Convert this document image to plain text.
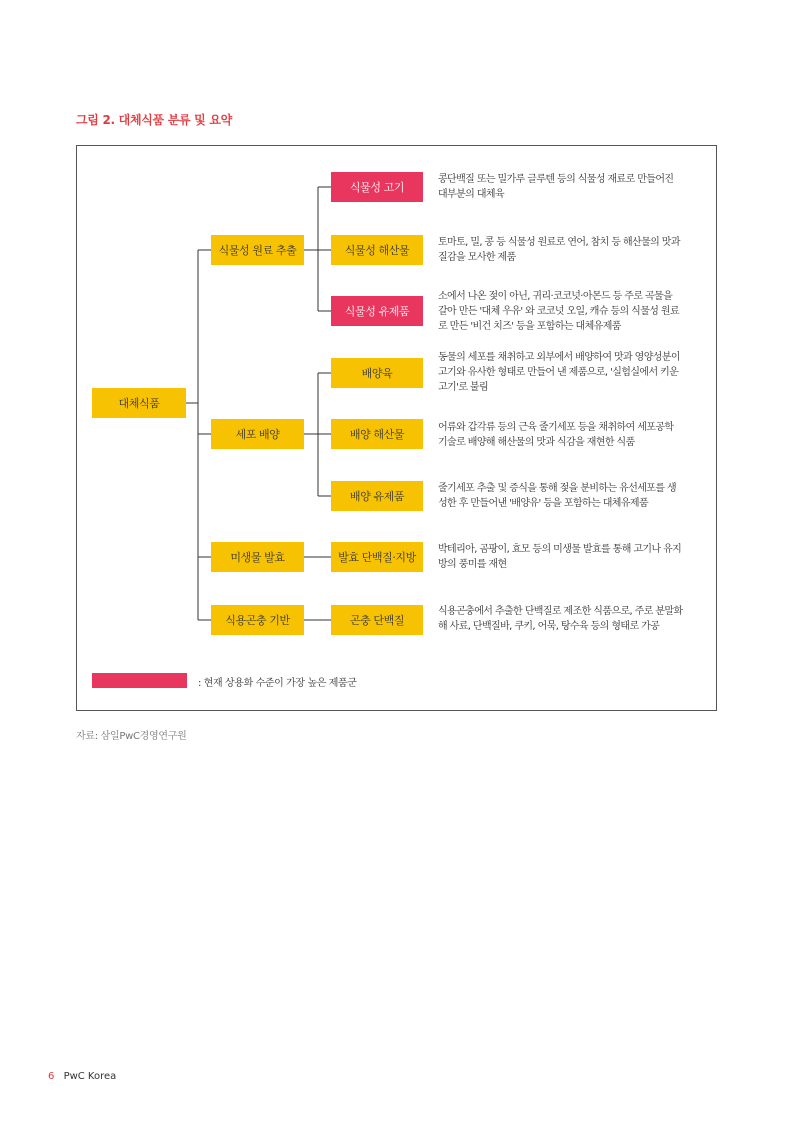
그림 2. 대체식품 분류 및 요약
대체식품
식물성 원료 추출
세포 배양
미생물 발효
식용곤충 기반
식물성 고기
식물성 해산물
식물성 유제품
배양육
배양 해산물
배양 유제품
발효 단백질·지방
곤충 단백질
콩단백질 또는 밀가루 글루텐 등의 식물성 재료로 만들어진
대부분의 대체육
토마토, 밀, 콩 등 식물성 원료로 연어, 참치 등 해산물의 맛과
질감을 모사한 제품
소에서 나온 젖이 아닌, 귀리·코코넛·아몬드 등 주로 곡물을
갈아 만든 '대체 우유' 와 코코넛 오일, 캐슈 등의 식물성 원료
로 만든 '비건 치즈' 등을 포함하는 대체유제품
동물의 세포를 채취하고 외부에서 배양하여 맛과 영양성분이
고기와 유사한 형태로 만들어 낸 제품으로, '실험실에서 키운
고기'로 불림
어류와 갑각류 등의 근육 줄기세포 등을 채취하여 세포공학
기술로 배양해 해산물의 맛과 식감을 재현한 식품
줄기세포 추출 및 증식을 통해 젖을 분비하는 유선세포를 생
성한 후 만들어낸 '배양유' 등을 포함하는 대체유제품
박테리아, 곰팡이, 효모 등의 미생물 발효를 통해 고기나 유지
방의 풍미를 재현
식용곤충에서 추출한 단백질로 제조한 식품으로, 주로 분말화
해 사료, 단백질바, 쿠키, 어묵, 탕수육 등의 형태로 가공
: 현재 상용화 수준이 가장 높은 제품군
자료: 삼일PwC경영연구원
6 PwC Korea
